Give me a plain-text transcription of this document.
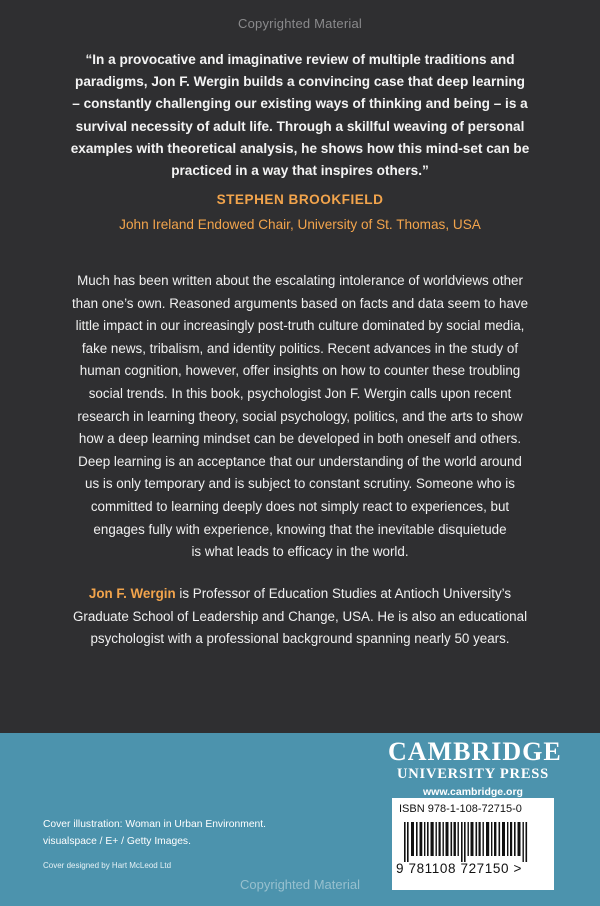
Copyrighted Material
“In a provocative and imaginative review of multiple traditions and
paradigms, Jon F. Wergin builds a convincing case that deep learning
– constantly challenging our existing ways of thinking and being – is a
survival necessity of adult life. Through a skillful weaving of personal
examples with theoretical analysis, he shows how this mind-set can be
practiced in a way that inspires others.”
STEPHEN BROOKFIELD
John Ireland Endowed Chair, University of St. Thomas, USA
Much has been written about the escalating intolerance of worldviews other
than one’s own. Reasoned arguments based on facts and data seem to have
little impact in our increasingly post-truth culture dominated by social media,
fake news, tribalism, and identity politics. Recent advances in the study of
human cognition, however, offer insights on how to counter these troubling
social trends. In this book, psychologist Jon F. Wergin calls upon recent
research in learning theory, social psychology, politics, and the arts to show
how a deep learning mindset can be developed in both oneself and others.
Deep learning is an acceptance that our understanding of the world around
us is only temporary and is subject to constant scrutiny. Someone who is
committed to learning deeply does not simply react to experiences, but
engages fully with experience, knowing that the inevitable disquietude
is what leads to efficacy in the world.
Jon F. Wergin is Professor of Education Studies at Antioch University’s
Graduate School of Leadership and Change, USA. He is also an educational
psychologist with a professional background spanning nearly 50 years.
CAMBRIDGE
UNIVERSITY PRESS
www.cambridge.org
ISBN 978-1-108-72715-0
9 781108 727150 >
Cover illustration: Woman in Urban Environment.
visualspace / E+ / Getty Images.
Cover designed by Hart McLeod Ltd
Copyrighted Material
